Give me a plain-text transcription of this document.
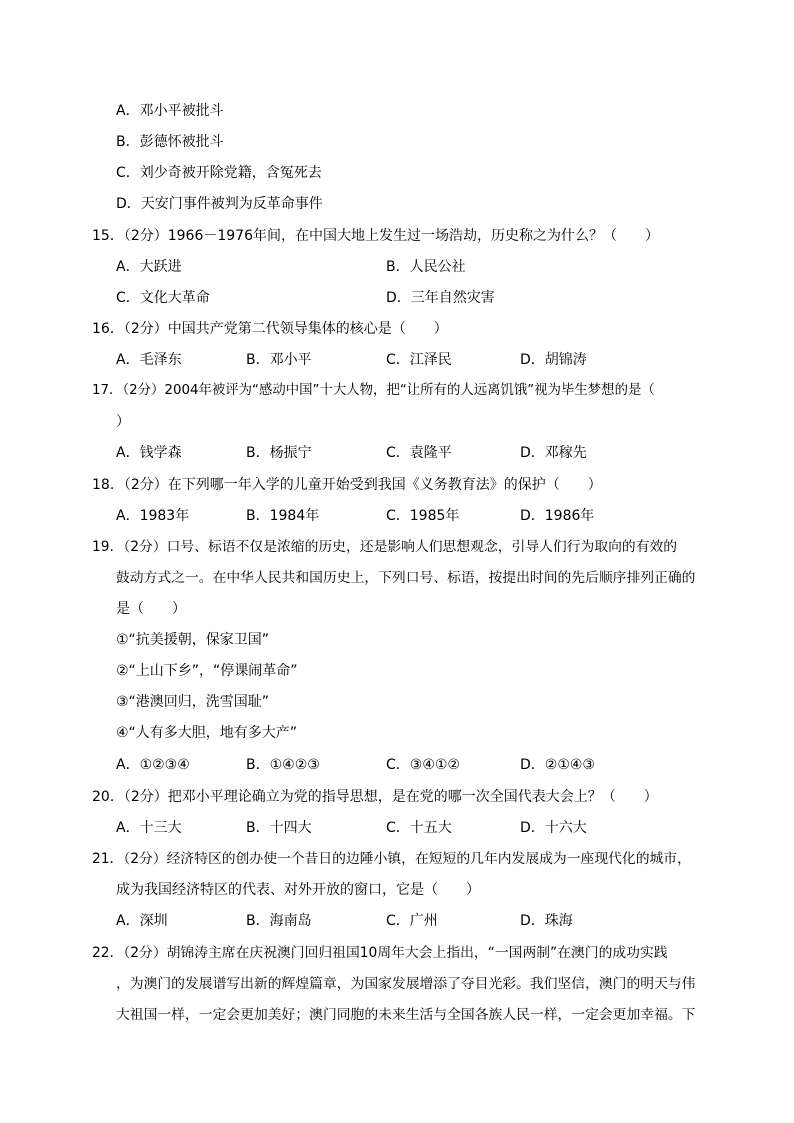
A．邓小平被批斗
B．彭德怀被批斗
C．刘少奇被开除党籍，含冤死去
D．天安门事件被判为反革命事件
15．（2分）1966－1976年间，在中国大地上发生过一场浩劫，历史称之为什么？（　　）
A．大跃进	B．人民公社
C．文化大革命	D．三年自然灾害
16．（2分）中国共产党第二代领导集体的核心是（　　）
A．毛泽东	B．邓小平	C．江泽民	D．胡锦涛
17．（2分）2004年被评为“感动中国”十大人物，把“让所有的人远离饥饿”视为毕生梦想的是（
）
A．钱学森	B．杨振宁	C．袁隆平	D．邓稼先
18．（2分）在下列哪一年入学的儿童开始受到我国《义务教育法》的保护（　　）
A．1983年	B．1984年	C．1985年	D．1986年
19．（2分）口号、标语不仅是浓缩的历史，还是影响人们思想观念，引导人们行为取向的有效的
鼓动方式之一。在中华人民共和国历史上，下列口号、标语，按提出时间的先后顺序排列正确的
是（　　）
①“抗美援朝，保家卫国”
②“上山下乡”，“停课闹革命”
③“港澳回归，洗雪国耻”
④“人有多大胆，地有多大产”
A．①②③④	B．①④②③	C．③④①②	D．②①④③
20．（2分）把邓小平理论确立为党的指导思想，是在党的哪一次全国代表大会上？（　　）
A．十三大	B．十四大	C．十五大	D．十六大
21．（2分）经济特区的创办使一个昔日的边陲小镇，在短短的几年内发展成为一座现代化的城市，
成为我国经济特区的代表、对外开放的窗口，它是（　　）
A．深圳	B．海南岛	C．广州	D．珠海
22．（2分）胡锦涛主席在庆祝澳门回归祖国10周年大会上指出，“一国两制”在澳门的成功实践
，为澳门的发展谱写出新的辉煌篇章，为国家发展增添了夺目光彩。我们坚信，澳门的明天与伟
大祖国一样，一定会更加美好；澳门同胞的未来生活与全国各族人民一样，一定会更加幸福。下
